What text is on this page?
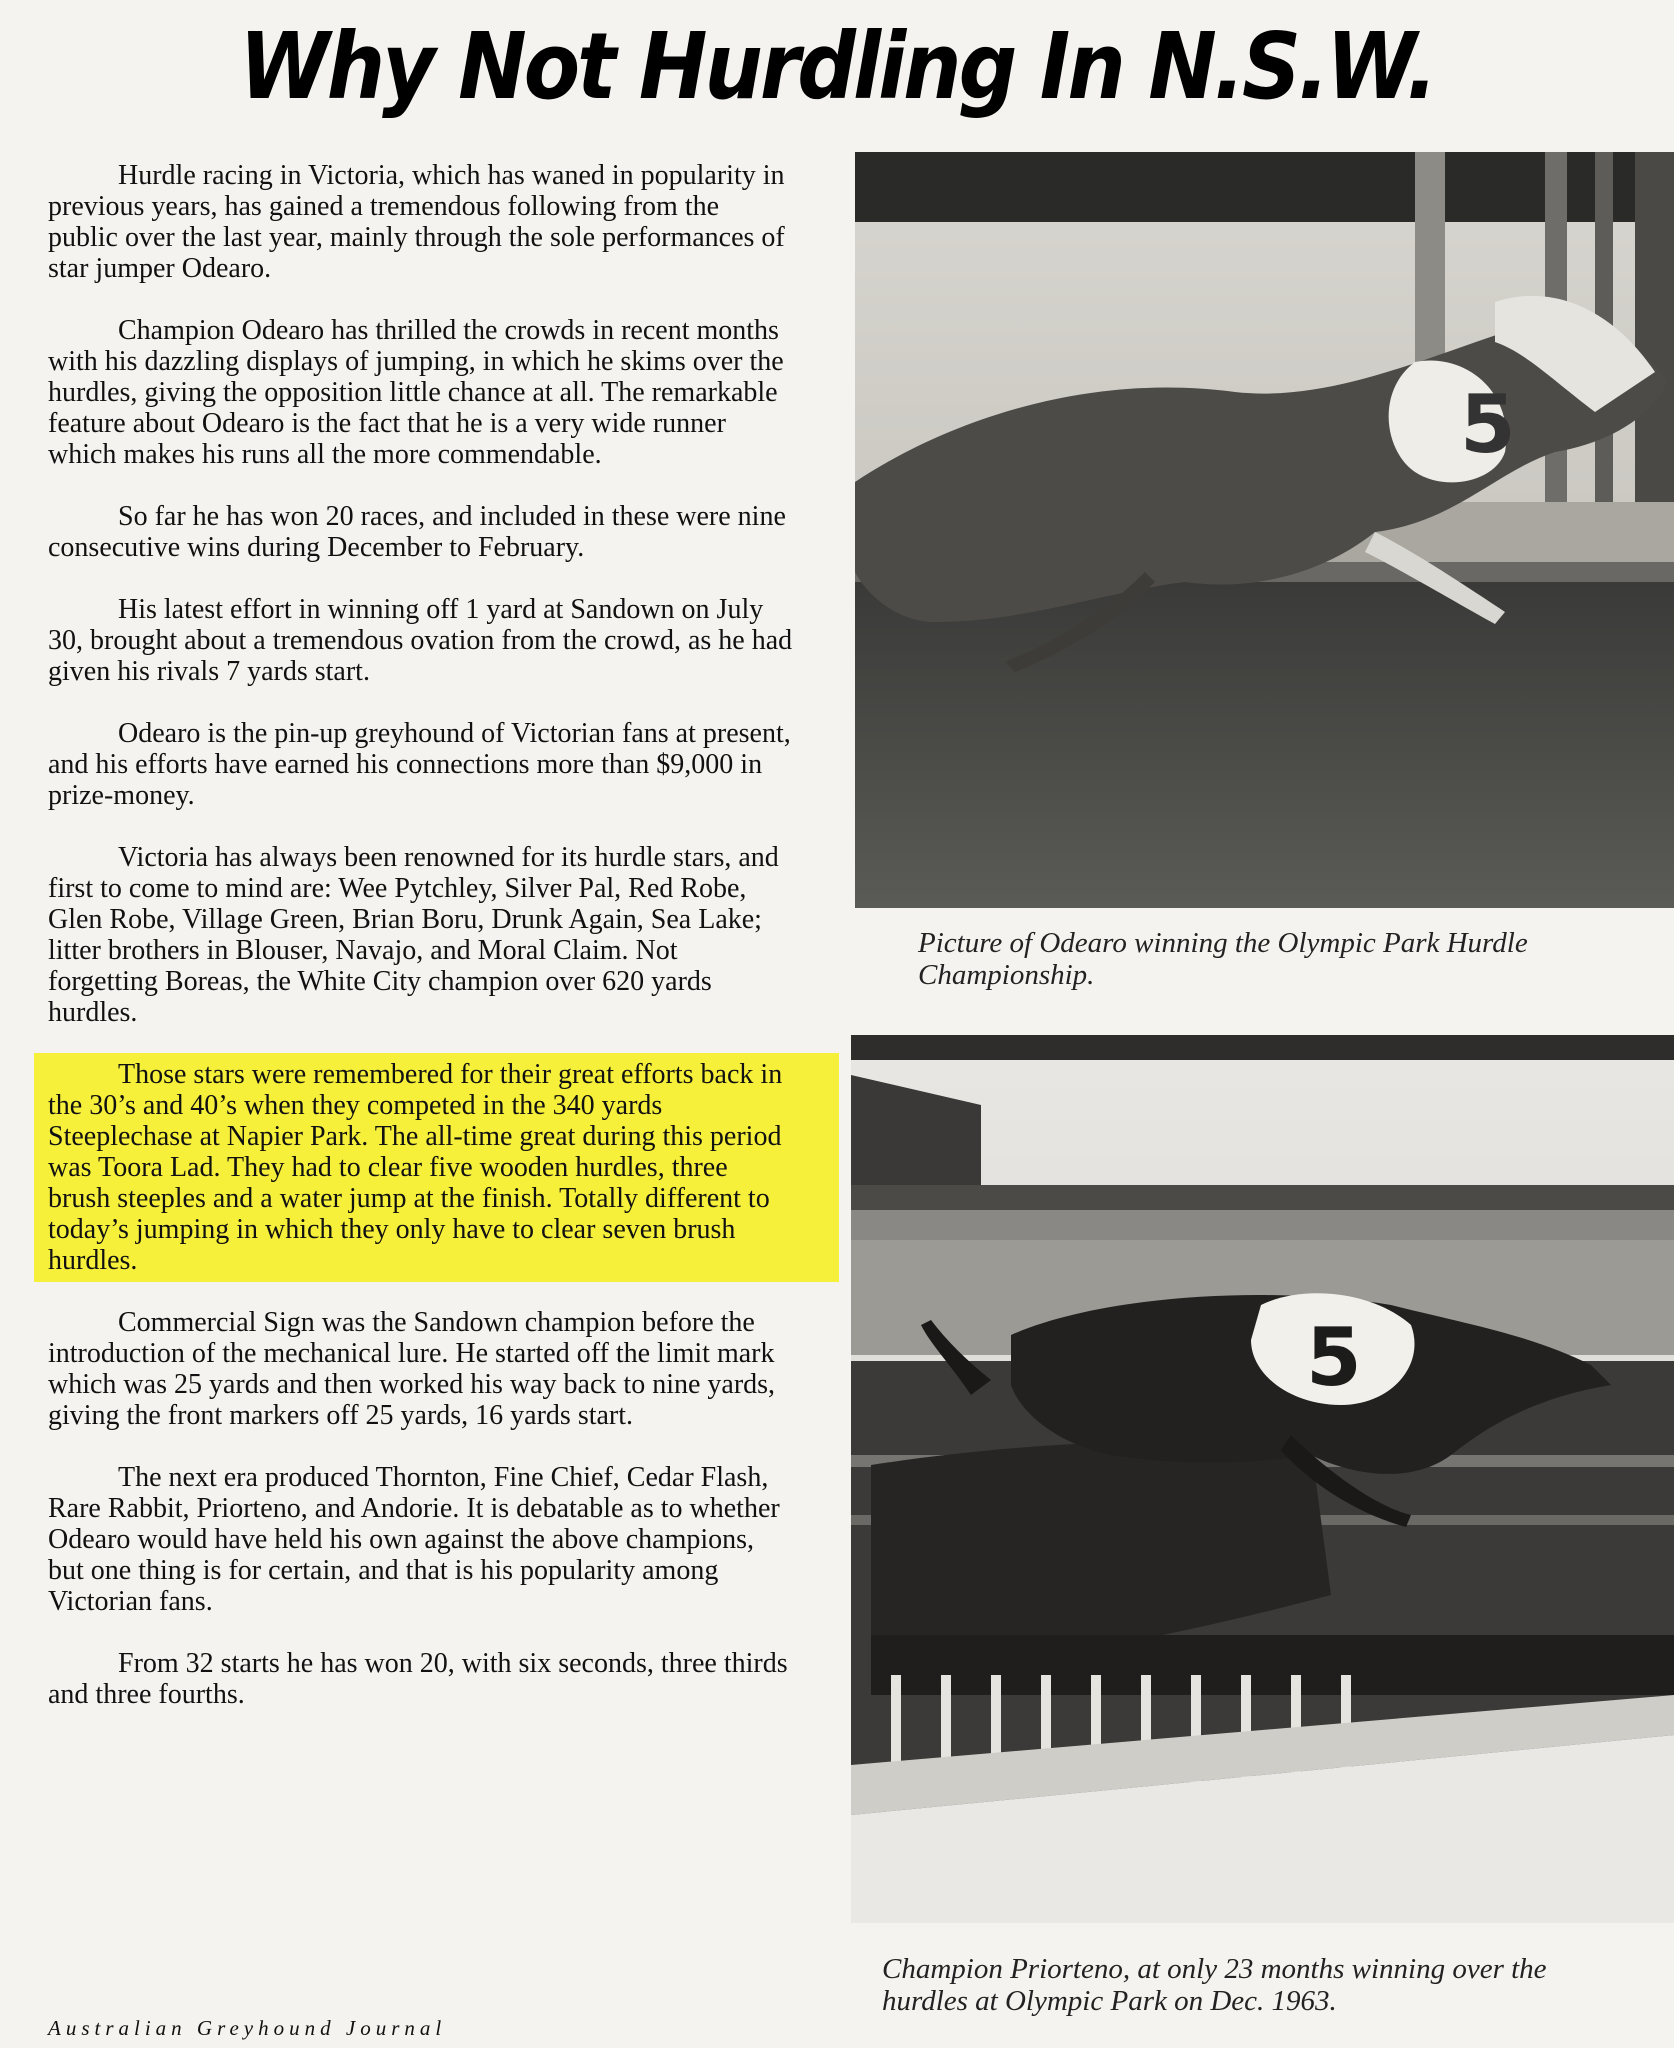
Why Not Hurdling In N.S.W.

Hurdle racing in Victoria, which has waned in popularity in previous years, has gained a tremendous following from the public over the last year, mainly through the sole performances of star jumper Odearo.

Champion Odearo has thrilled the crowds in recent months with his dazzling displays of jumping, in which he skims over the hurdles, giving the opposition little chance at all. The remarkable feature about Odearo is the fact that he is a very wide runner which makes his runs all the more commendable.

So far he has won 20 races, and included in these were nine consecutive wins during December to February.

His latest effort in winning off 1 yard at Sandown on July 30, brought about a tremendous ovation from the crowd, as he had given his rivals 7 yards start.

Odearo is the pin-up greyhound of Victorian fans at present, and his efforts have earned his connections more than $9,000 in prize-money.

Victoria has always been renowned for its hurdle stars, and first to come to mind are: Wee Pytchley, Silver Pal, Red Robe, Glen Robe, Village Green, Brian Boru, Drunk Again, Sea Lake; litter brothers in Blouser, Navajo, and Moral Claim. Not forgetting Boreas, the White City champion over 620 yards hurdles.

Those stars were remembered for their great efforts back in the 30’s and 40’s when they competed in the 340 yards Steeplechase at Napier Park. The all-time great during this period was Toora Lad. They had to clear five wooden hurdles, three brush steeples and a water jump at the finish. Totally different to today’s jumping in which they only have to clear seven brush hurdles.

Commercial Sign was the Sandown champion before the introduction of the mechanical lure. He started off the limit mark which was 25 yards and then worked his way back to nine yards, giving the front markers off 25 yards, 16 yards start.

The next era produced Thornton, Fine Chief, Cedar Flash, Rare Rabbit, Priorteno, and Andorie. It is debatable as to whether Odearo would have held his own against the above champions, but one thing is for certain, and that is his popularity among Victorian fans.

From 32 starts he has won 20, with six seconds, three thirds and three fourths.

Australian Greyhound Journal
5
Picture of Odearo winning the Olympic Park Hurdle Championship.
5
Champion Priorteno, at only 23 months winning over the hurdles at Olympic Park on Dec. 1963.
